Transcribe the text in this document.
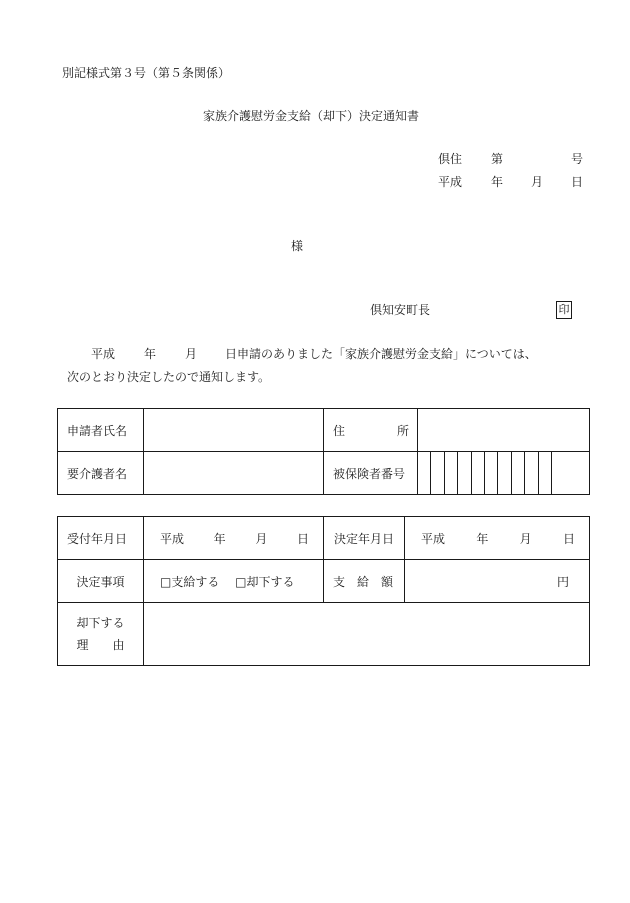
別記様式第３号（第５条関係）
家族介護慰労金支給（却下）決定通知書
倶住 第	号
平成 年 月 日
様
倶知安町長	印
平成 年 月 日申請のありました「家族介護慰労金支給」については、
次のとおり決定したので通知します。
申請者氏名		住 所	

要介護者名		被保険者番号	
受付年月日	平成 年 月 日	決定年月日	平成 年 月 日

決定事項	□支給する □却下する	支　給　額	円

却下する
理　　由			
